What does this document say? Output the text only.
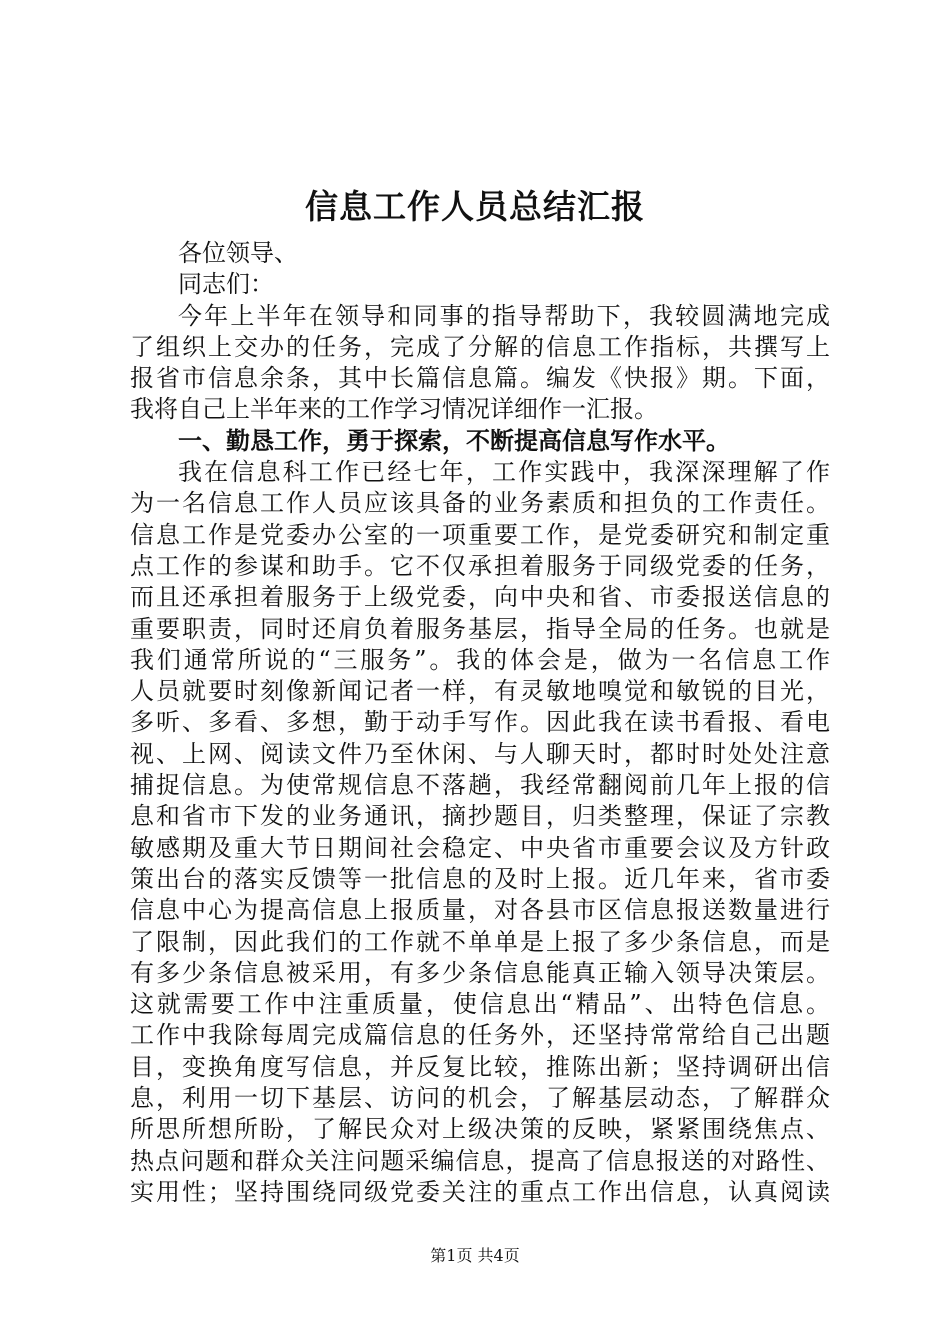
信息工作人员总结汇报
各位领导、
同志们：
今年上半年在领导和同事的指导帮助下，我较圆满地完成
了组织上交办的任务，完成了分解的信息工作指标，共撰写上
报省市信息余条，其中长篇信息篇。编发《快报》期。下面，
我将自己上半年来的工作学习情况详细作一汇报。
一、勤恳工作，勇于探索，不断提高信息写作水平。
我在信息科工作已经七年，工作实践中，我深深理解了作
为一名信息工作人员应该具备的业务素质和担负的工作责任。
信息工作是党委办公室的一项重要工作，是党委研究和制定重
点工作的参谋和助手。它不仅承担着服务于同级党委的任务，
而且还承担着服务于上级党委，向中央和省、市委报送信息的
重要职责，同时还肩负着服务基层，指导全局的任务。也就是
我们通常所说的“三服务”。我的体会是，做为一名信息工作
人员就要时刻像新闻记者一样，有灵敏地嗅觉和敏锐的目光，
多听、多看、多想，勤于动手写作。因此我在读书看报、看电
视、上网、阅读文件乃至休闲、与人聊天时，都时时处处注意
捕捉信息。为使常规信息不落趟，我经常翻阅前几年上报的信
息和省市下发的业务通讯，摘抄题目，归类整理，保证了宗教
敏感期及重大节日期间社会稳定、中央省市重要会议及方针政
策出台的落实反馈等一批信息的及时上报。近几年来，省市委
信息中心为提高信息上报质量，对各县市区信息报送数量进行
了限制，因此我们的工作就不单单是上报了多少条信息，而是
有多少条信息被采用，有多少条信息能真正输入领导决策层。
这就需要工作中注重质量，使信息出“精品”、出特色信息。
工作中我除每周完成篇信息的任务外，还坚持常常给自己出题
目，变换角度写信息，并反复比较，推陈出新；坚持调研出信
息，利用一切下基层、访问的机会，了解基层动态，了解群众
所思所想所盼，了解民众对上级决策的反映，紧紧围绕焦点、
热点问题和群众关注问题采编信息，提高了信息报送的对路性、
实用性；坚持围绕同级党委关注的重点工作出信息，认真阅读
第1页 共4页
